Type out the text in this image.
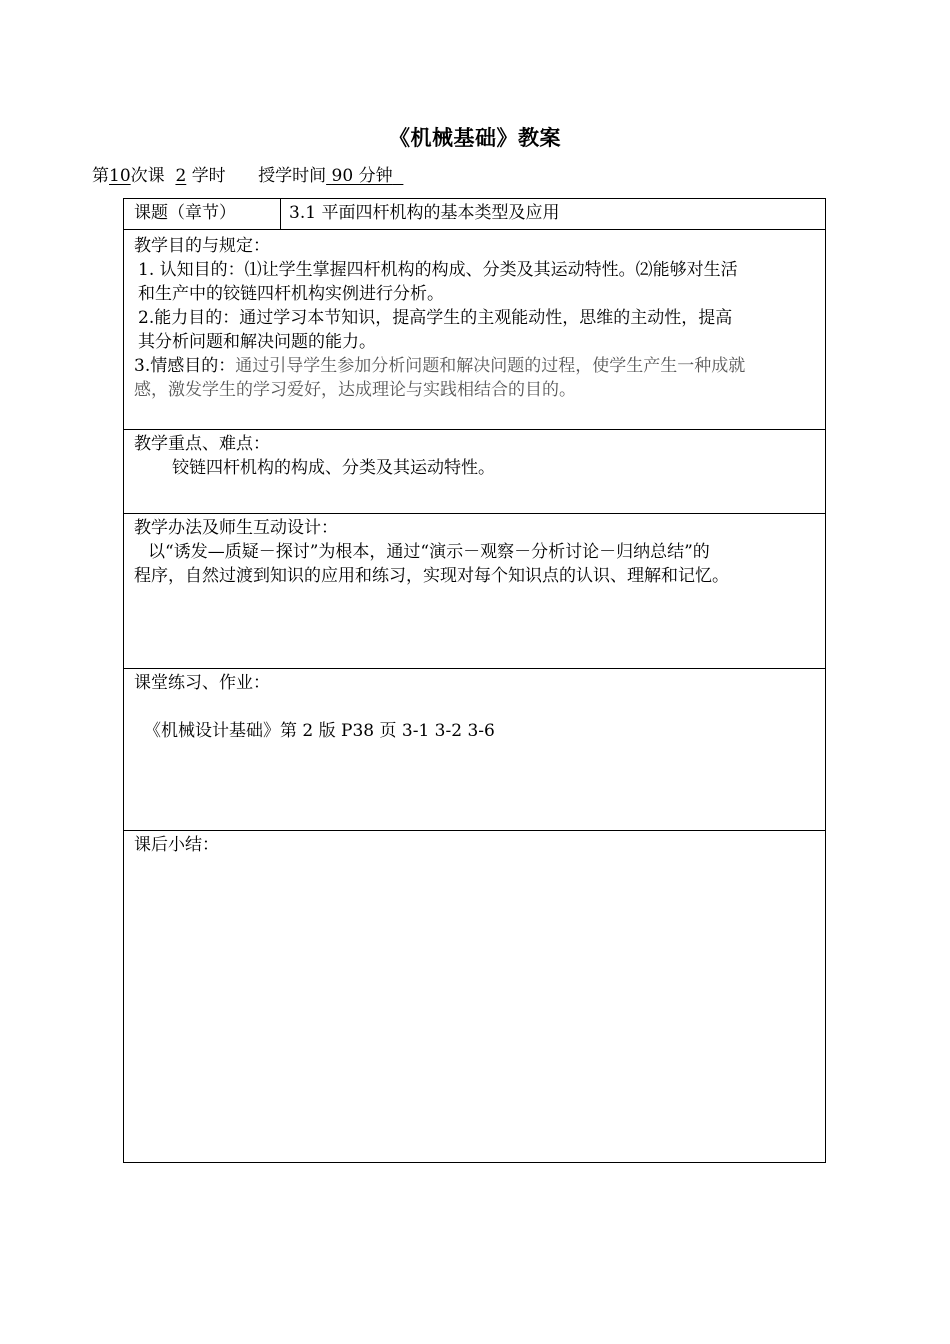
《机械基础》教案
第10次课 2 学时 授学时间 90 分钟
课题（章节）	3.1 平面四杆机构的基本类型及应用
教学目的与规定：
1. 认知目的：⑴让学生掌握四杆机构的构成、分类及其运动特性。⑵能够对生活
和生产中的铰链四杆机构实例进行分析。
2.能力目的：通过学习本节知识，提高学生的主观能动性，思维的主动性，提高
其分析问题和解决问题的能力。
3.情感目的：通过引导学生参加分析问题和解决问题的过程，使学生产生一种成就
感，激发学生的学习爱好，达成理论与实践相结合的目的。
教学重点、难点：
铰链四杆机构的构成、分类及其运动特性。
教学办法及师生互动设计：
以“诱发—质疑－探讨”为根本，通过“演示－观察－分析讨论－归纳总结”的
程序，自然过渡到知识的应用和练习，实现对每个知识点的认识、理解和记忆。
课堂练习、作业：
《机械设计基础》第 2 版 P38 页 3-1 3-2 3-6
课后小结：
